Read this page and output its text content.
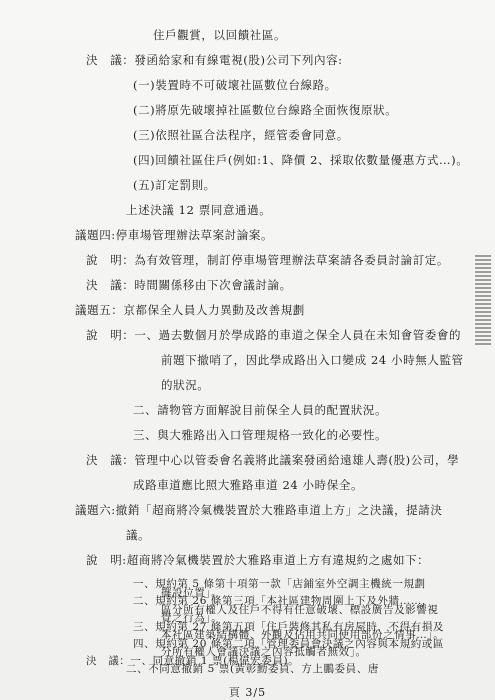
住戶觀賞，以回饋社區。
決　議：發函給家和有線電視(股)公司下列內容:
(一)裝置時不可破壞社區數位台線路。
(二)將原先破壞掉社區數位台線路全面恢復原狀。
(三)依照社區合法程序，經管委會同意。
(四)回饋社區住戶(例如:1、降價 2、採取依數量優惠方式…)。
(五)訂定罰則。
上述決議 12 票同意通過。
議題四:停車場管理辦法草案討論案。
說　明：為有效管理，制訂停車場管理辦法草案請各委員討論訂定。
決　議：時間關係移由下次會議討論。
議題五：京都保全人員人力異動及改善規劃
說　明：一、過去數個月於學成路的車道之保全人員在未知會管委會的
前題下撤哨了，因此學成路出入口變成 24 小時無人監管
的狀況。
二、請物管方面解說目前保全人員的配置狀況。
三、與大雅路出入口管理規格一致化的必要性。
決　議：管理中心以管委會名義將此議案發函給遠雄人壽(股)公司，學
成路車道應比照大雅路車道 24 小時保全。
議題六:撤銷「超商將冷氣機裝置於大雅路車道上方」之決議，提請決
議。
說　明:超商將冷氣機裝置於大雅路車道上方有違規約之處如下：
一、規約第 5 條第十項第一款「店鋪室外空調主機統一規劃
擺設位置」。
二、規約第 26 條第三項「本社區建物周圍上下及外牆……，
區分所有權人及住戶不得有任意破壞、標設廣告及影響視
覺之行為」。
三、規約第 27 條第五項「住戶裝修其私有房屋時，不得有損及
本社區建築結構體、外觀及佔用共同使用部份之情事…」。
四、規約第 20 條第二項「管理委員會決議之內容與本規約或區
分所有權人會議決議之內容抵觸者無效」。
決　議：一、同意撤銷 1 票(楊偉宏委員)。
二、不同意撤銷 5 票(黃彰勳委員、方上鵬委員、唐
頁 3/5
